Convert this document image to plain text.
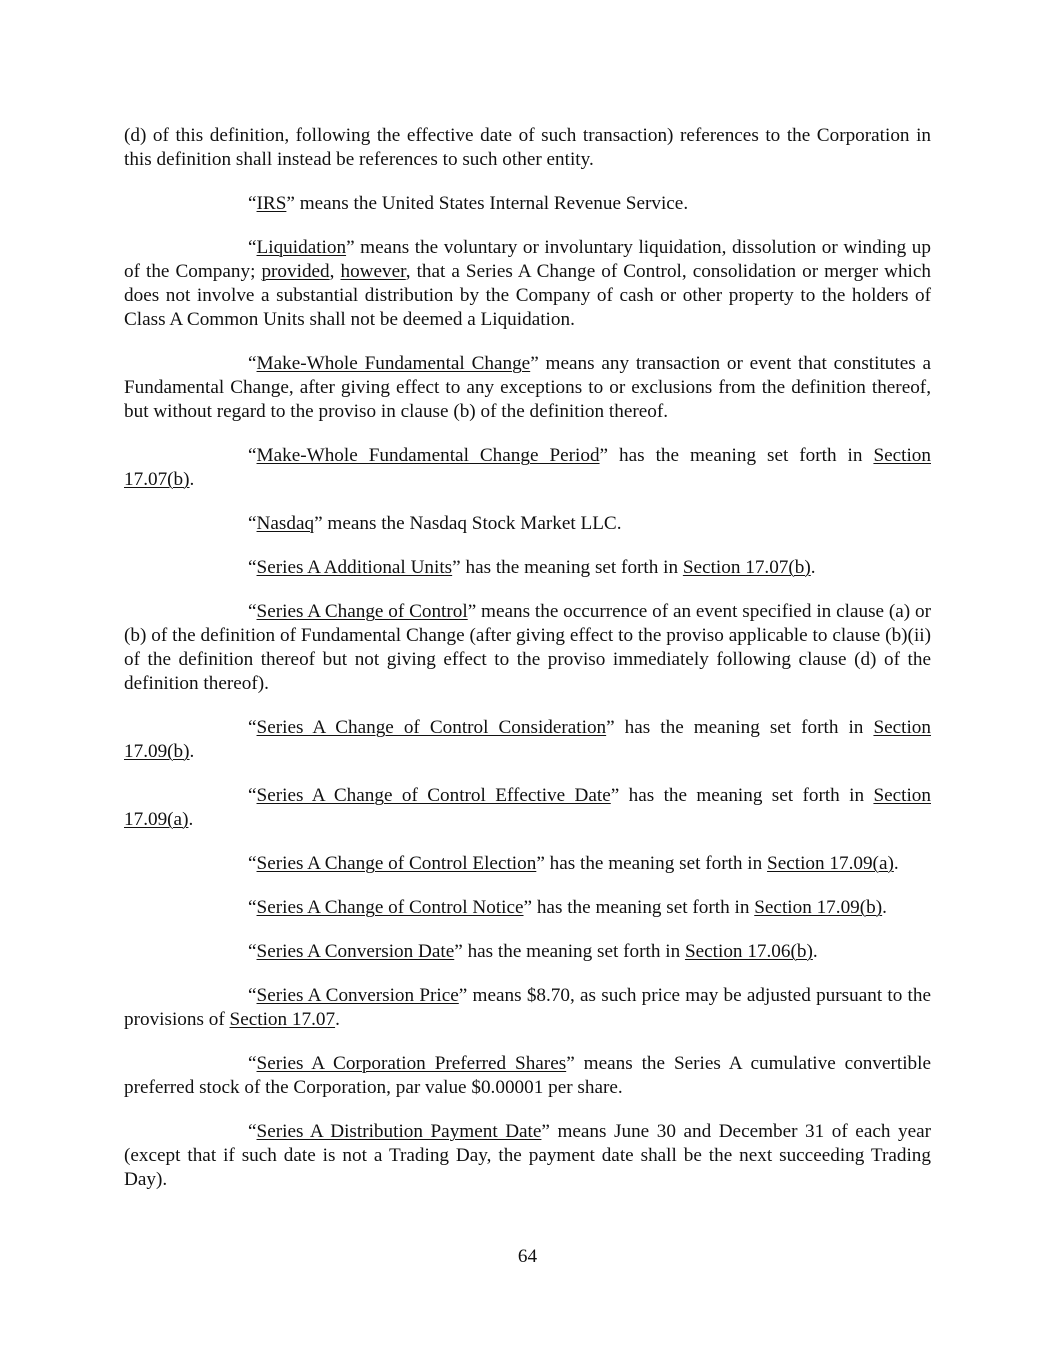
(d) of this definition, following the effective date of such transaction) references to the Corporation in this definition shall instead be references to such other entity.

“IRS” means the United States Internal Revenue Service.

“Liquidation” means the voluntary or involuntary liquidation, dissolution or winding up of the Company; provided, however, that a Series A Change of Control, consolidation or merger which does not involve a substantial distribution by the Company of cash or other property to the holders of Class A Common Units shall not be deemed a Liquidation.

“Make-Whole Fundamental Change” means any transaction or event that constitutes a Fundamental Change, after giving effect to any exceptions to or exclusions from the definition thereof, but without regard to the proviso in clause (b) of the definition thereof.

“Make-Whole Fundamental Change Period” has the meaning set forth in Section 17.07(b).

“Nasdaq” means the Nasdaq Stock Market LLC.

“Series A Additional Units” has the meaning set forth in Section 17.07(b).

“Series A Change of Control” means the occurrence of an event specified in clause (a) or (b) of the definition of Fundamental Change (after giving effect to the proviso applicable to clause (b)(ii) of the definition thereof but not giving effect to the proviso immediately following clause (d) of the definition thereof).

“Series A Change of Control Consideration” has the meaning set forth in Section 17.09(b).

“Series A Change of Control Effective Date” has the meaning set forth in Section 17.09(a).

“Series A Change of Control Election” has the meaning set forth in Section 17.09(a).

“Series A Change of Control Notice” has the meaning set forth in Section 17.09(b).

“Series A Conversion Date” has the meaning set forth in Section 17.06(b).

“Series A Conversion Price” means $8.70, as such price may be adjusted pursuant to the provisions of Section 17.07.

“Series A Corporation Preferred Shares” means the Series A cumulative convertible preferred stock of the Corporation, par value $0.00001 per share.

“Series A Distribution Payment Date” means June 30 and December 31 of each year (except that if such date is not a Trading Day, the payment date shall be the next succeeding Trading Day).

64
